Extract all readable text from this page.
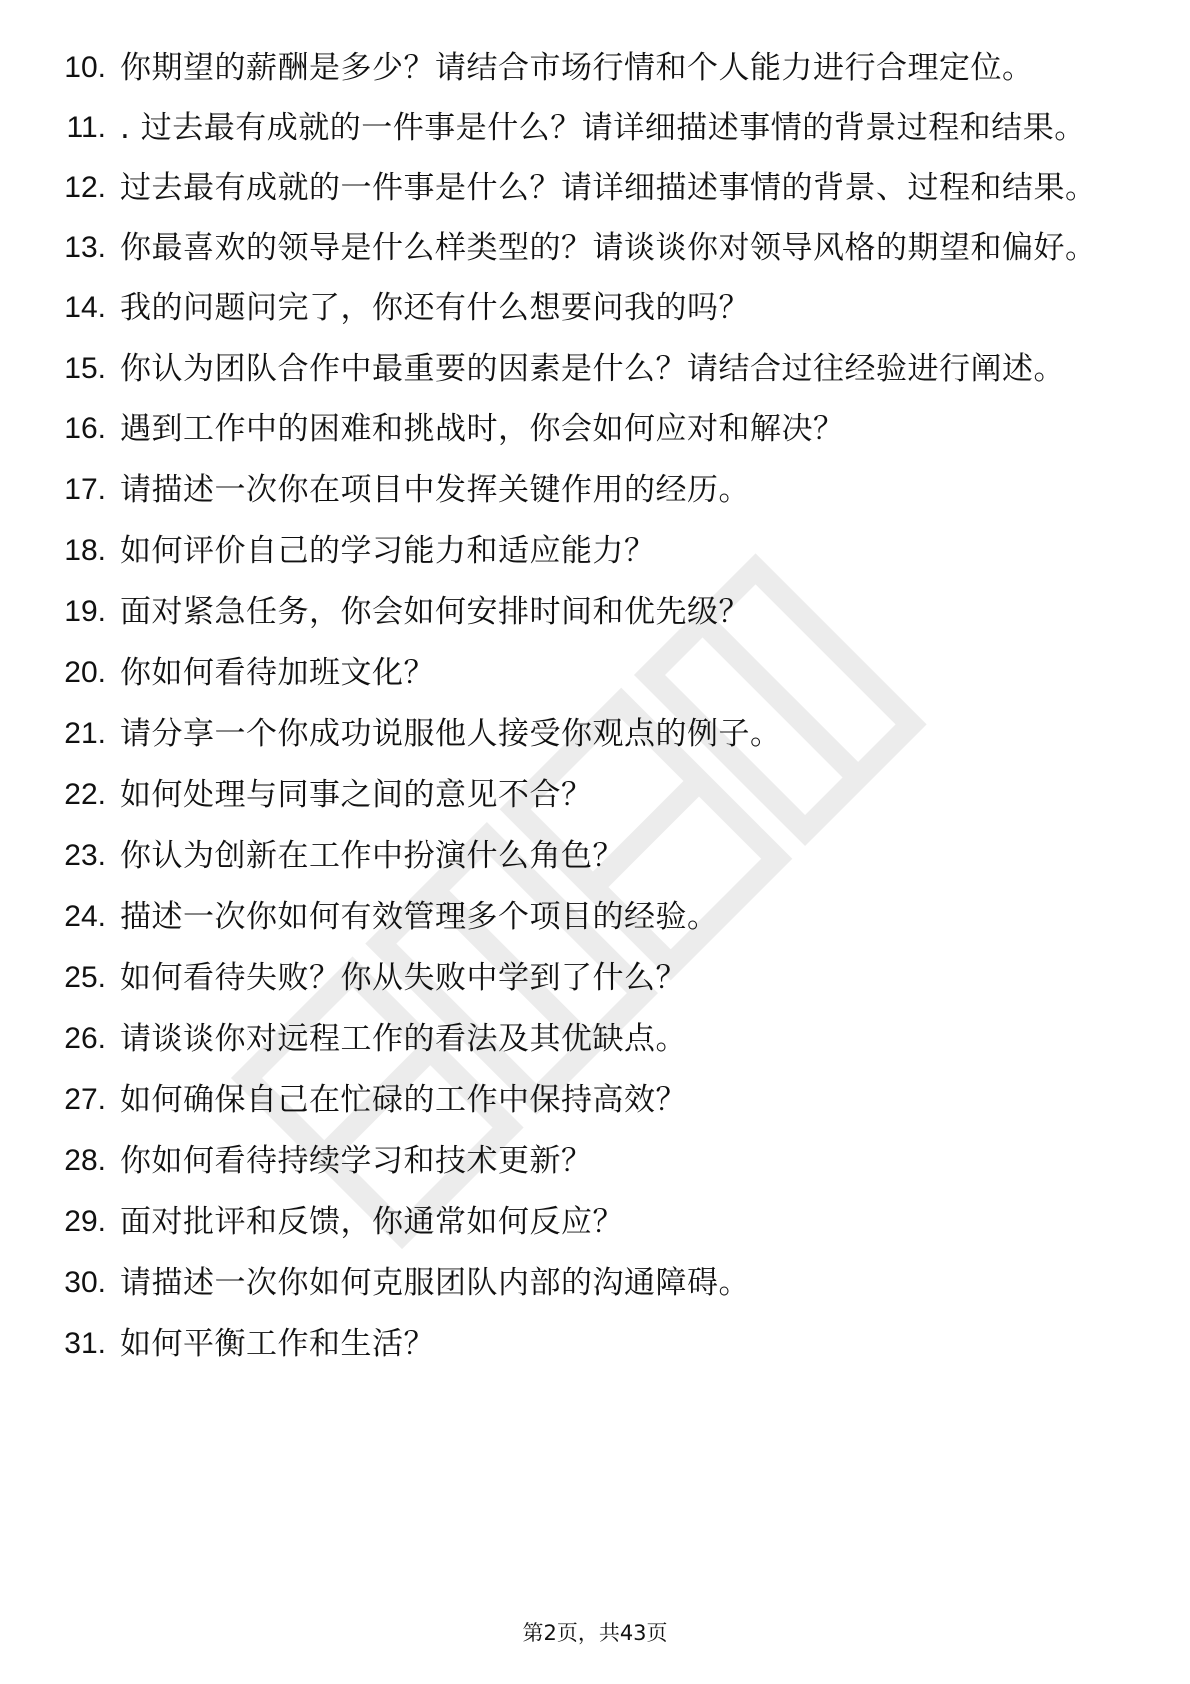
10. 你期望的薪酬是多少？请结合市场行情和个人能力进行合理定位。
11. . 过去最有成就的一件事是什么？请详细描述事情的背景过程和结果。
12. 过去最有成就的一件事是什么？请详细描述事情的背景、过程和结果。
13. 你最喜欢的领导是什么样类型的？请谈谈你对领导风格的期望和偏好。
14. 我的问题问完了，你还有什么想要问我的吗？
15. 你认为团队合作中最重要的因素是什么？请结合过往经验进行阐述。
16. 遇到工作中的困难和挑战时，你会如何应对和解决？
17. 请描述一次你在项目中发挥关键作用的经历。
18. 如何评价自己的学习能力和适应能力？
19. 面对紧急任务，你会如何安排时间和优先级？
20. 你如何看待加班文化？
21. 请分享一个你成功说服他人接受你观点的例子。
22. 如何处理与同事之间的意见不合？
23. 你认为创新在工作中扮演什么角色？
24. 描述一次你如何有效管理多个项目的经验。
25. 如何看待失败？你从失败中学到了什么？
26. 请谈谈你对远程工作的看法及其优缺点。
27. 如何确保自己在忙碌的工作中保持高效？
28. 你如何看待持续学习和技术更新？
29. 面对批评和反馈，你通常如何反应？
30. 请描述一次你如何克服团队内部的沟通障碍。
31. 如何平衡工作和生活？
第2页，共43页
